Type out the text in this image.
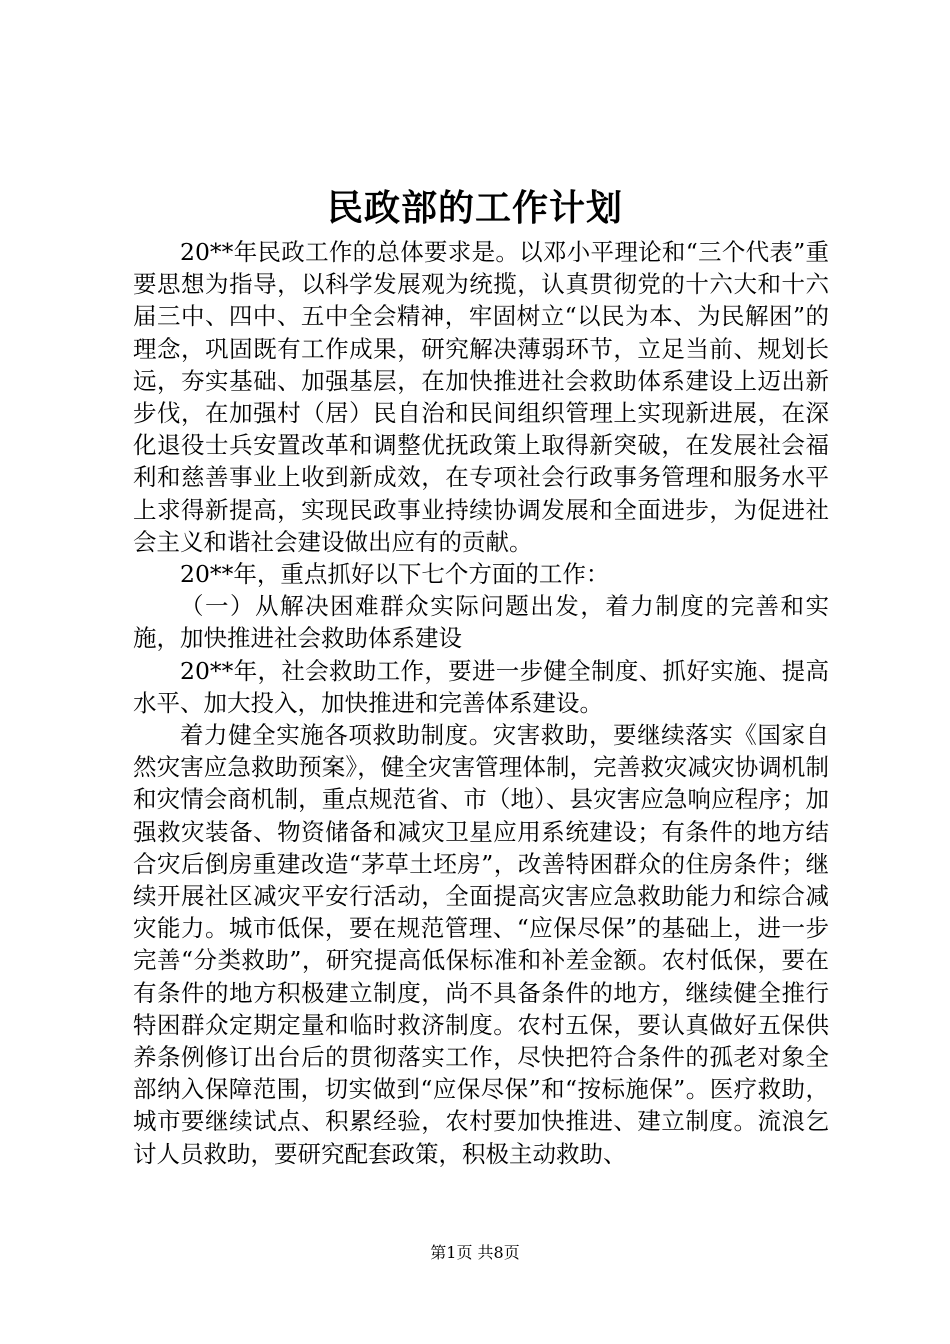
民政部的工作计划

20**年民政工作的总体要求是。以邓小平理论和“三个代表”重要思想为指导，以科学发展观为统揽，认真贯彻党的十六大和十六届三中、四中、五中全会精神，牢固树立“以民为本、为民解困”的理念，巩固既有工作成果，研究解决薄弱环节，立足当前、规划长远，夯实基础、加强基层，在加快推进社会救助体系建设上迈出新步伐，在加强村（居）民自治和民间组织管理上实现新进展，在深化退役士兵安置改革和调整优抚政策上取得新突破，在发展社会福利和慈善事业上收到新成效，在专项社会行政事务管理和服务水平上求得新提高，实现民政事业持续协调发展和全面进步，为促进社会主义和谐社会建设做出应有的贡献。

20**年，重点抓好以下七个方面的工作：

（一）从解决困难群众实际问题出发，着力制度的完善和实施，加快推进社会救助体系建设

20**年，社会救助工作，要进一步健全制度、抓好实施、提高水平、加大投入，加快推进和完善体系建设。

着力健全实施各项救助制度。灾害救助，要继续落实《国家自然灾害应急救助预案》，健全灾害管理体制，完善救灾减灾协调机制和灾情会商机制，重点规范省、市（地）、县灾害应急响应程序；加强救灾装备、物资储备和减灾卫星应用系统建设；有条件的地方结合灾后倒房重建改造“茅草土坯房”，改善特困群众的住房条件；继续开展社区减灾平安行活动，全面提高灾害应急救助能力和综合减灾能力。城市低保，要在规范管理、“应保尽保”的基础上，进一步完善“分类救助”，研究提高低保标准和补差金额。农村低保，要在有条件的地方积极建立制度，尚不具备条件的地方，继续健全推行特困群众定期定量和临时救济制度。农村五保，要认真做好五保供养条例修订出台后的贯彻落实工作，尽快把符合条件的孤老对象全部纳入保障范围，切实做到“应保尽保”和“按标施保”。医疗救助，城市要继续试点、积累经验，农村要加快推进、建立制度。流浪乞讨人员救助，要研究配套政策，积极主动救助、

第1页 共8页
